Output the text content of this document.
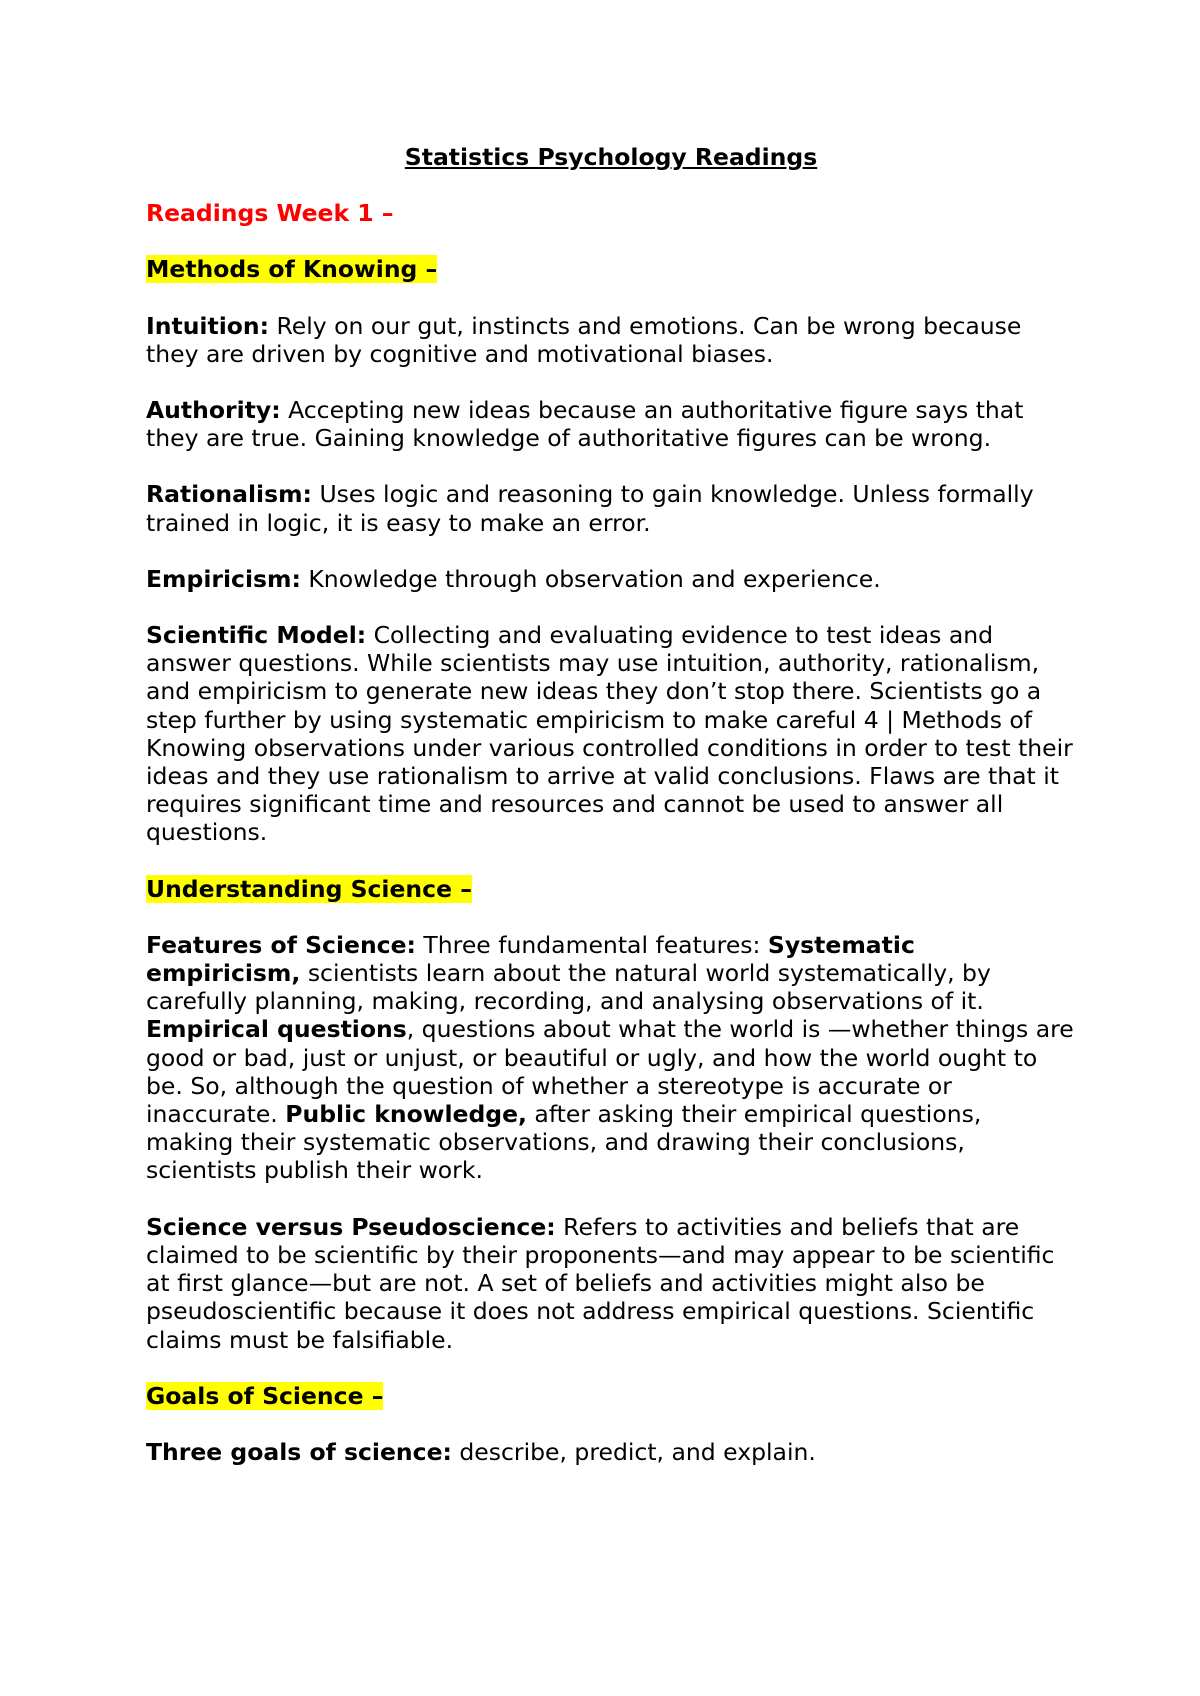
Statistics Psychology Readings
Readings Week 1 –
Methods of Knowing –

Intuition: Rely on our gut, instincts and emotions. Can be wrong because they are driven by cognitive and motivational biases.

Authority: Accepting new ideas because an authoritative figure says that they are true. Gaining knowledge of authoritative figures can be wrong.

Rationalism: Uses logic and reasoning to gain knowledge. Unless formally trained in logic, it is easy to make an error.

Empiricism: Knowledge through observation and experience.

Scientific Model: Collecting and evaluating evidence to test ideas and answer questions. While scientists may use intuition, authority, rationalism, and empiricism to generate new ideas they don’t stop there. Scientists go a step further by using systematic empiricism to make careful 4 | Methods of Knowing observations under various controlled conditions in order to test their ideas and they use rationalism to arrive at valid conclusions. Flaws are that it requires significant time and resources and cannot be used to answer all questions.

Understanding Science –

Features of Science: Three fundamental features: Systematic empiricism, scientists learn about the natural world systematically, by carefully planning, making, recording, and analysing observations of it. Empirical questions, questions about what the world is —whether things are good or bad, just or unjust, or beautiful or ugly, and how the world ought to be. So, although the question of whether a stereotype is accurate or inaccurate. Public knowledge, after asking their empirical questions, making their systematic observations, and drawing their conclusions, scientists publish their work.

Science versus Pseudoscience: Refers to activities and beliefs that are claimed to be scientific by their proponents—and may appear to be scientific at first glance—but are not. A set of beliefs and activities might also be pseudoscientific because it does not address empirical questions. Scientific claims must be falsifiable.

Goals of Science –

Three goals of science: describe, predict, and explain.
